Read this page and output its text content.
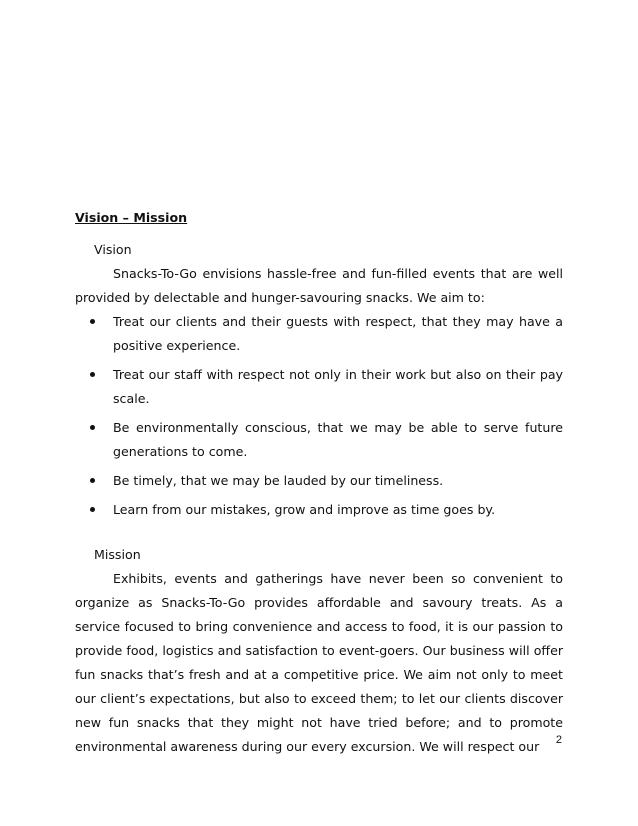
Vision – Mission

Vision

Snacks-To-Go envisions hassle-free and fun-filled events that are well provided by delectable and hunger-savouring snacks. We aim to:

Treat our clients and their guests with respect, that they may have a positive experience.
Treat our staff with respect not only in their work but also on their pay scale.
Be environmentally conscious, that we may be able to serve future generations to come.
Be timely, that we may be lauded by our timeliness.
Learn from our mistakes, grow and improve as time goes by.

Mission

Exhibits, events and gatherings have never been so convenient to organize as Snacks-To-Go provides affordable and savoury treats. As a service focused to bring convenience and access to food, it is our passion to provide food, logistics and satisfaction to event-goers. Our business will offer fun snacks that’s fresh and at a competitive price. We aim not only to meet our client’s expectations, but also to exceed them; to let our clients discover new fun snacks that they might not have tried before; and to promote environmental awareness during our every excursion. We will respect our	2
